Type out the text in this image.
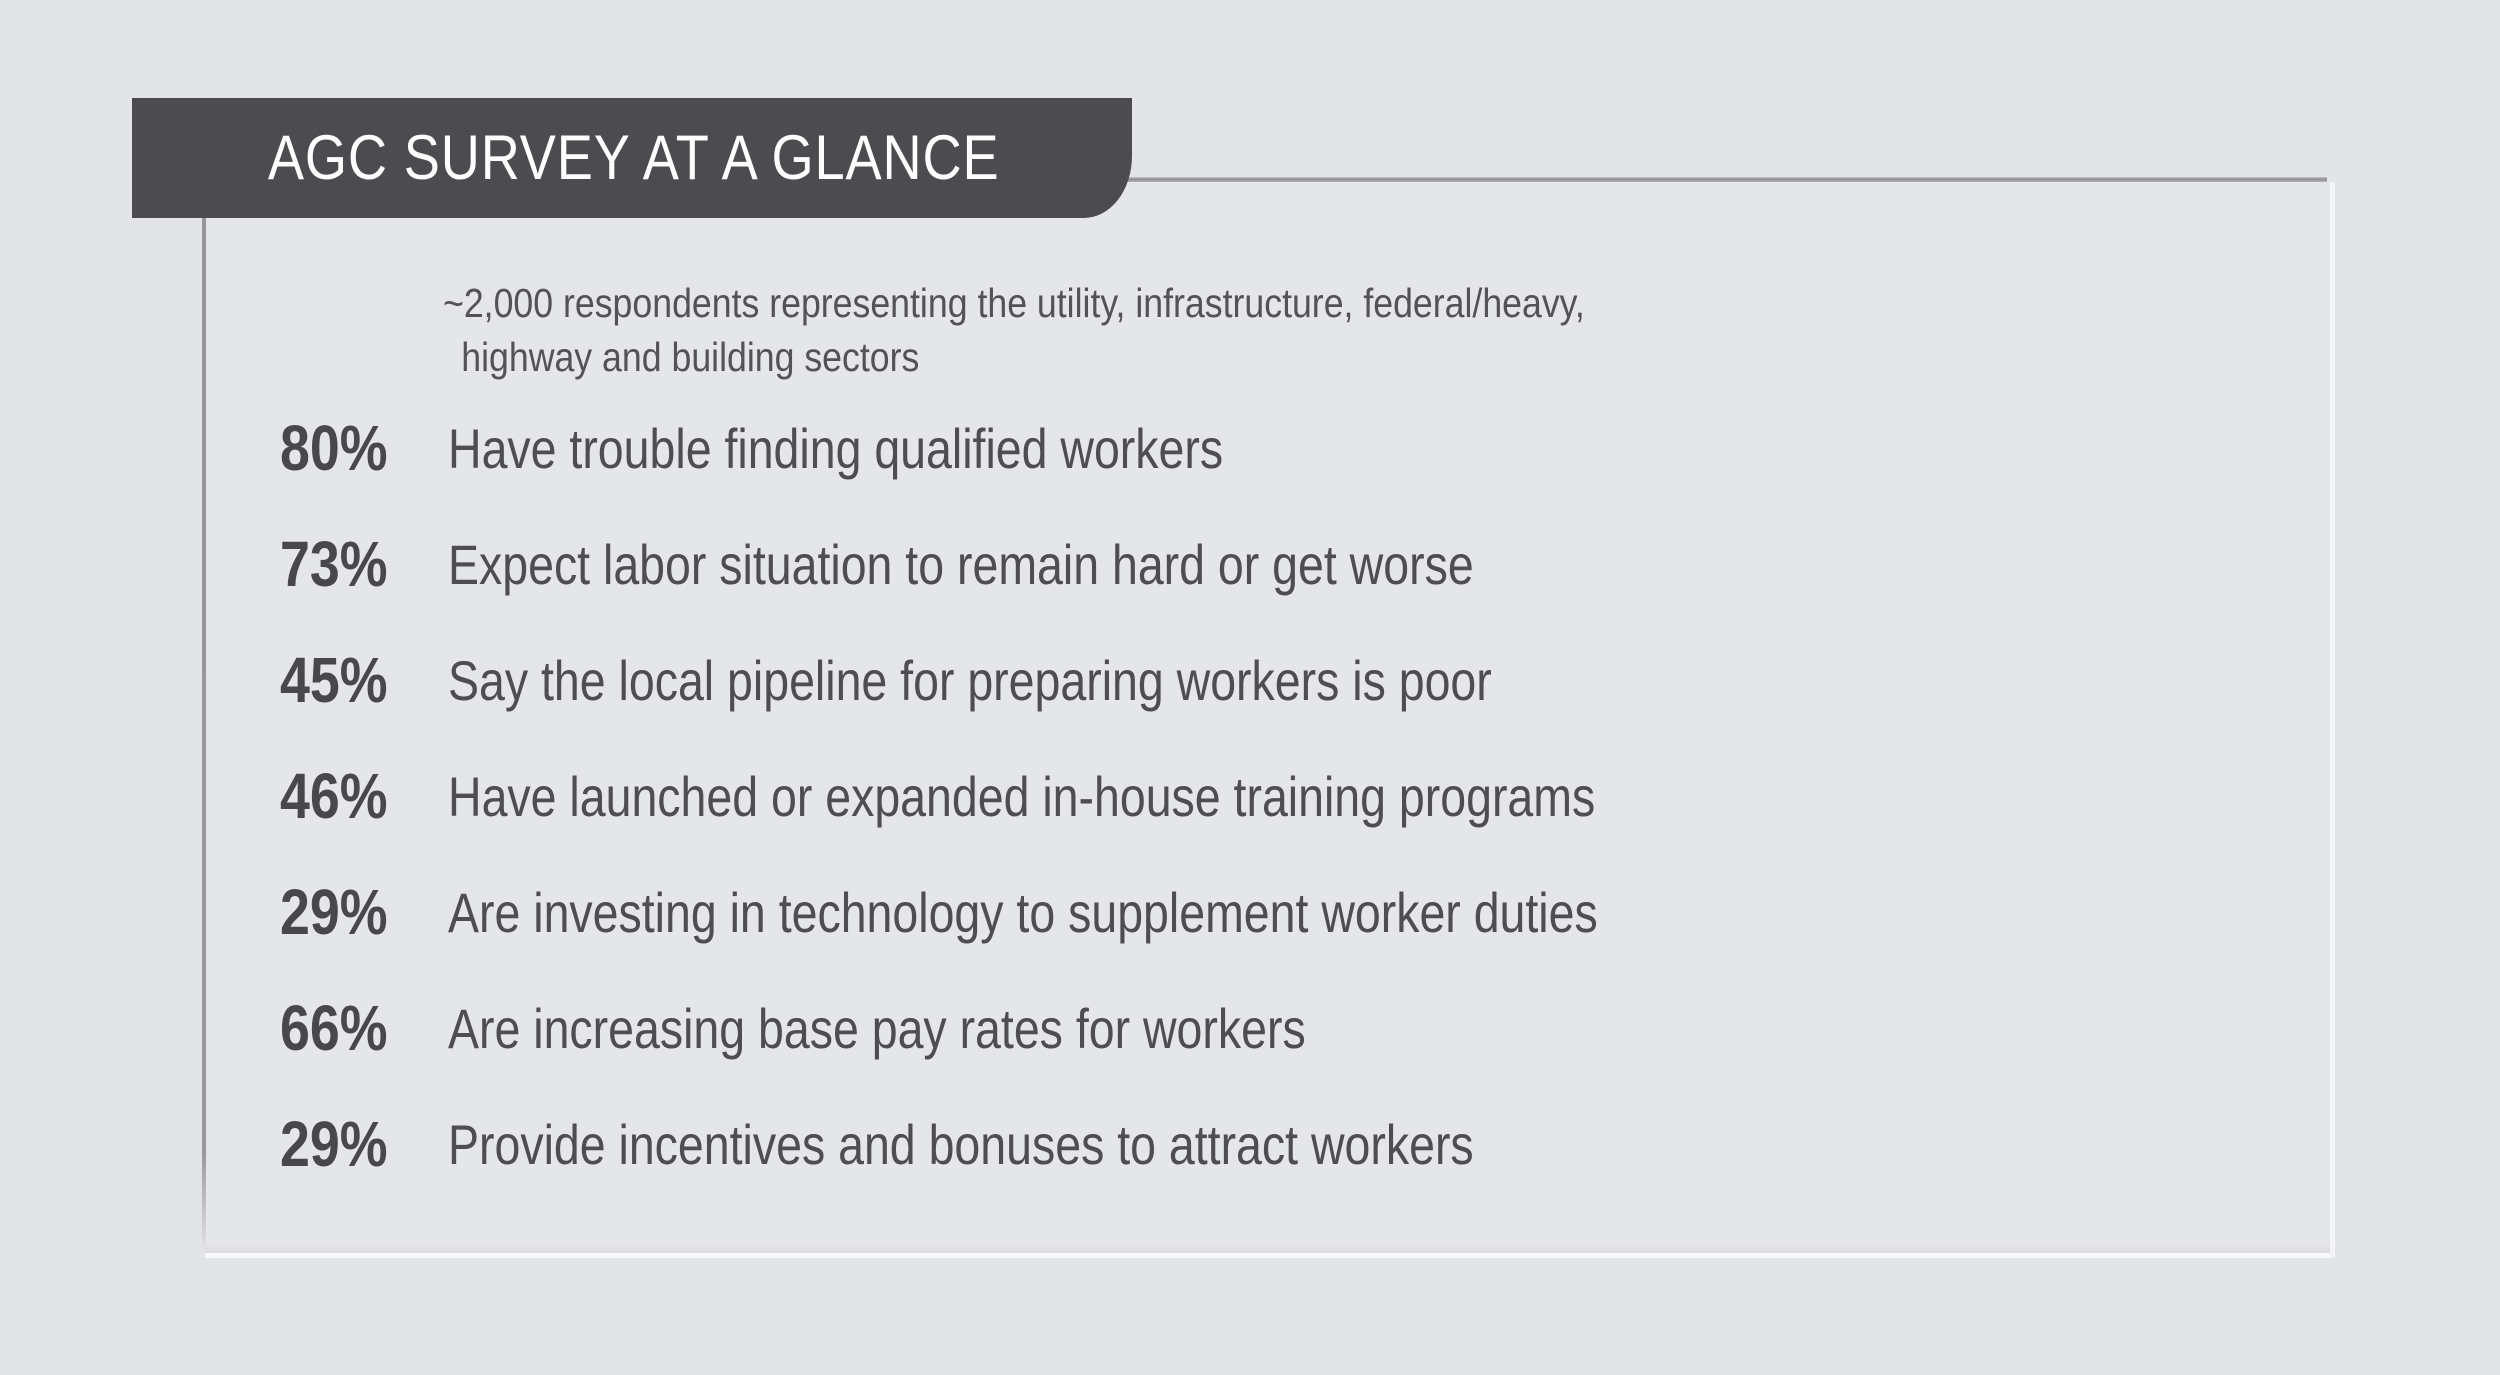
AGC SURVEY AT A GLANCE
~2,000 respondents representing the utility, infrastructure, federal/heavy,
highway and building sectors
80%	Have trouble finding qualified workers
73%	Expect labor situation to remain hard or get worse
45%	Say the local pipeline for preparing workers is poor
46%	Have launched or expanded in-house training programs
29%	Are investing in technology to supplement worker duties
66%	Are increasing base pay rates for workers
29%	Provide incentives and bonuses to attract workers
